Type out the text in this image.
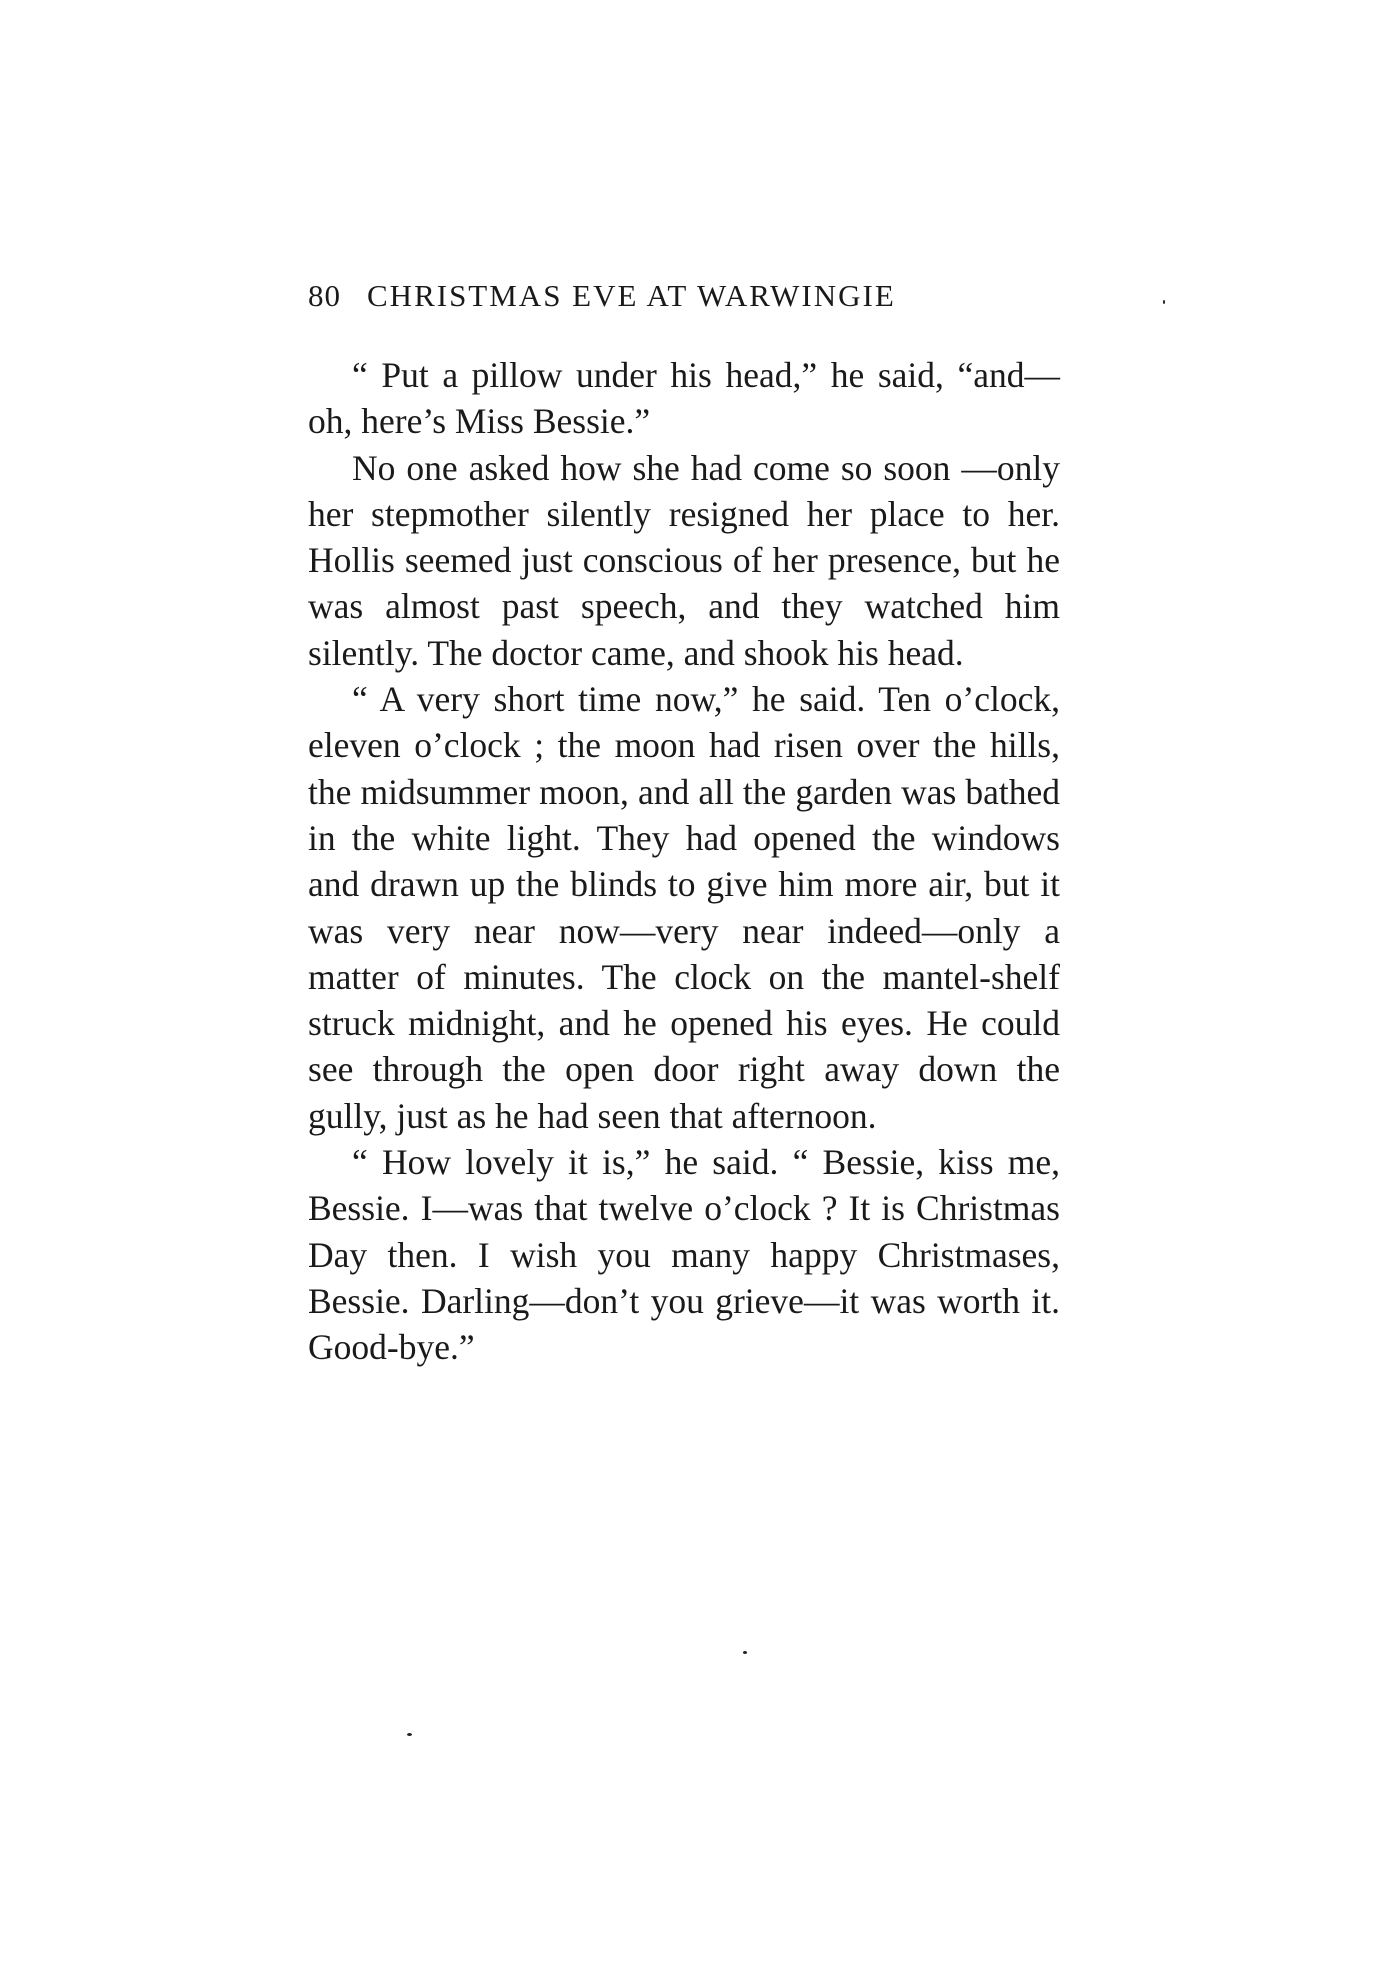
80 CHRISTMAS EVE AT WARWINGIE

“ Put a pillow under his head,” he said, “and—oh, here’s Miss Bessie.”

No one asked how she had come so soon —only her stepmother silently resigned her place to her. Hollis seemed just conscious of her presence, but he was almost past speech, and they watched him silently. The doctor came, and shook his head.

“ A very short time now,” he said. Ten o’clock, eleven o’clock ; the moon had risen over the hills, the midsummer moon, and all the garden was bathed in the white light. They had opened the windows and drawn up the blinds to give him more air, but it was very near now—very near indeed—only a matter of minutes. The clock on the mantel-shelf struck midnight, and he opened his eyes. He could see through the open door right away down the gully, just as he had seen that afternoon.

“ How lovely it is,” he said. “ Bessie, kiss me, Bessie. I—was that twelve o’clock ? It is Christmas Day then. I wish you many happy Christmases, Bessie. Darling—don’t you grieve—it was worth it. Good-bye.”
